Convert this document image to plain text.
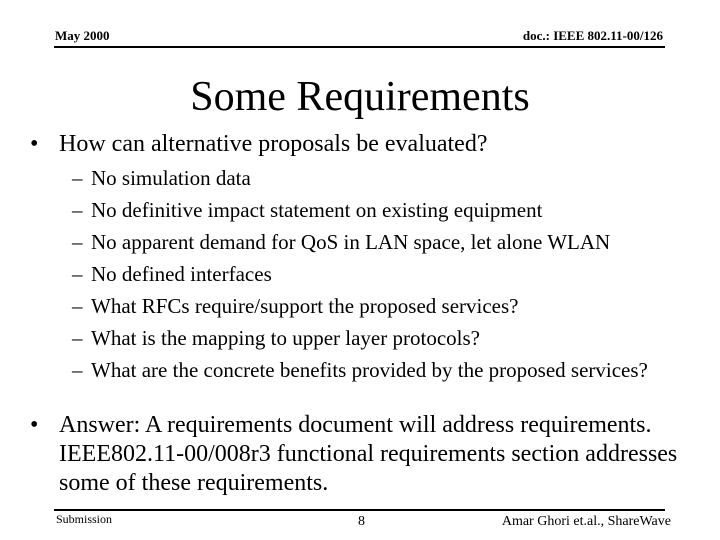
May 2000	doc.: IEEE 802.11-00/126
Some Requirements
• How can alternative proposals be evaluated?
– No simulation data
– No definitive impact statement on existing equipment
– No apparent demand for QoS in LAN space, let alone WLAN
– No defined interfaces
– What RFCs require/support the proposed services?
– What is the mapping to upper layer protocols?
– What are the concrete benefits provided by the proposed services?
• Answer: A requirements document will address requirements. IEEE802.11-00/008r3 functional requirements section addresses some of these requirements.
Submission	8	Amar Ghori et.al., ShareWave
